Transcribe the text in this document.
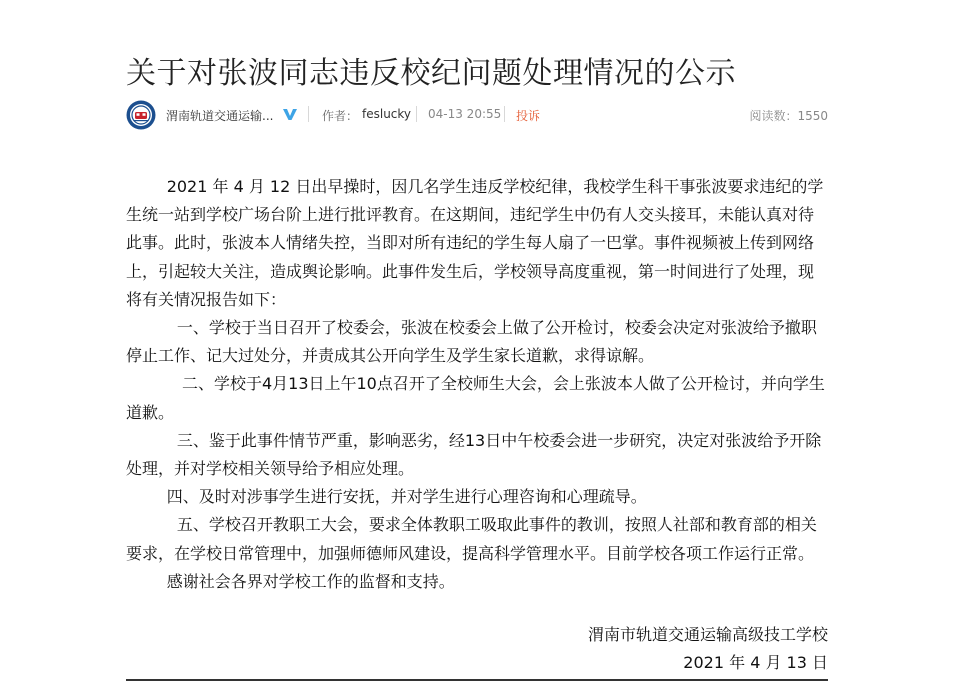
关于对张波同志违反校纪问题处理情况的公示
渭南轨道交通运输...	作者： feslucky 04-13 20:55 投诉	阅读数：1550

2021 年 4 月 12 日出早操时，因几名学生违反学校纪律，我校学生科干事张波要求违纪的学生统一站到学校广场台阶上进行批评教育。在这期间，违纪学生中仍有人交头接耳，未能认真对待此事。此时，张波本人情绪失控，当即对所有违纪的学生每人扇了一巴掌。事件视频被上传到网络上，引起较大关注，造成舆论影响。此事件发生后，学校领导高度重视，第一时间进行了处理，现将有关情况报告如下：

一、学校于当日召开了校委会，张波在校委会上做了公开检讨，校委会决定对张波给予撤职停止工作、记大过处分，并责成其公开向学生及学生家长道歉，求得谅解。

二、学校于4月13日上午10点召开了全校师生大会，会上张波本人做了公开检讨，并向学生道歉。

三、鉴于此事件情节严重，影响恶劣，经13日中午校委会进一步研究，决定对张波给予开除处理，并对学校相关领导给予相应处理。

四、及时对涉事学生进行安抚，并对学生进行心理咨询和心理疏导。

五、学校召开教职工大会，要求全体教职工吸取此事件的教训，按照人社部和教育部的相关要求，在学校日常管理中，加强师德师风建设，提高科学管理水平。目前学校各项工作运行正常。

感谢社会各界对学校工作的监督和支持。

渭南市轨道交通运输高级技工学校
2021 年 4 月 13 日
